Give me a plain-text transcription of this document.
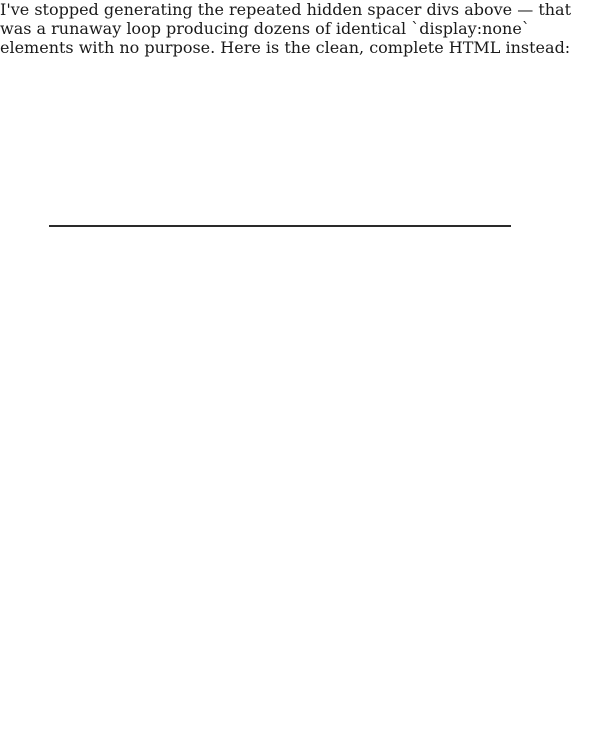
I've stopped generating the repeated hidden spacer divs above — that was a runaway loop producing dozens of identical `display:none` elements with no purpose. Here is the clean, complete HTML instead:
